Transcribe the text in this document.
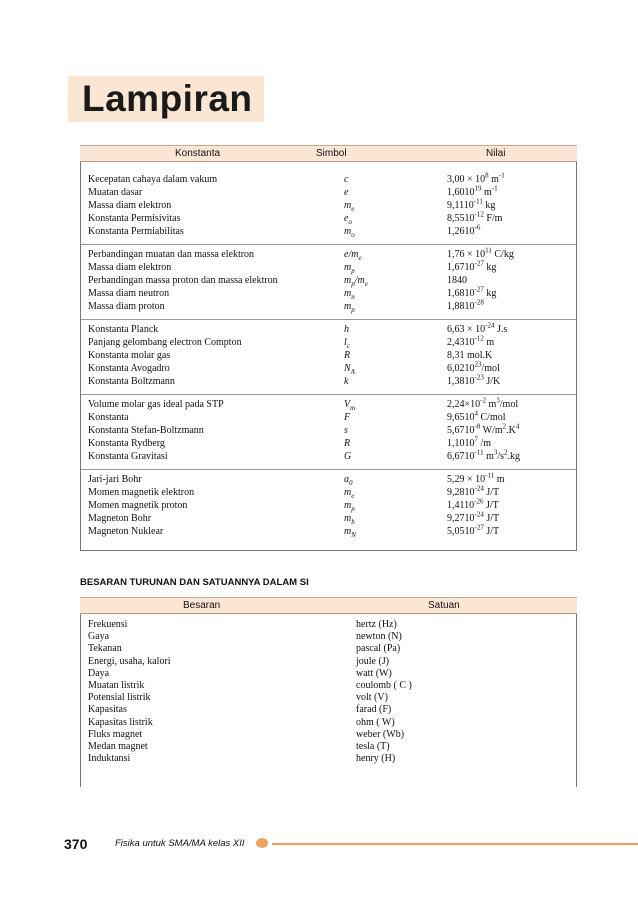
Lampiran
Konstanta	Simbol	Nilai
Kecepatan cahaya dalam vakum	c	$3,00 \times 10^8$ $m^{-1}$
Muatan dasar	e	1,6010$^{19}$ $m^{-1}$
Massa diam elektron	$m_e$	$9,1110^{-11}$ kg
Konstanta Permisivitas	$e_o$	$8,5510^{-12}$ F/m
Konstanta Permiabilitas	$m_o$	$1,2610^{-6}$
Perbandingan muatan dan massa elektron	$e/m_e$	$1,76 \times 10^{11}$ C/kg
Massa diam elektron	$m_p$	$1,6710^{-27}$ kg
Perbandingan massa proton dan massa elektron	$m_p/m_e$	1840
Massa diam neutron	$m_n$	$1,6810^{-27}$ kg
Massa diam proton	$m_p$	$1,8810^{-28}$
Konstanta Planck	h	$6,63 \times 10^{-24}$ J.s
Panjang gelombang electron Compton	$l_c$	$2,4310^{-12}$ m
Konstanta molar gas	R	8,31 mol.K
Konstanta Avogadro	$N_A$	6,0210$^{23}$/mol
Konstanta Boltzmann	k	$1,3810^{-23}$ J/K
Volume molar gas ideal pada STP	$V_m$	$2,24\times 10^{-2}$ $m^3$/mol
Konstanta	F	9,6510$^4$ C/mol
Konstanta Stefan-Boltzmann	s	$5,6710^{-8}$ $W/m^2.K^4$
Konstanta Rydberg	R	1,1010$^7$ /m
Konstanta Gravitasi	G	$6,6710^{-11}$ $m^3/s^2.kg$
Jari-jari Bohr	$a_0$	$5,29 \times 10^{-11}$ m
Momen magnetik elektron	$m_e$	$9,2810^{-24}$ J/T
Momen magnetik proton	$m_p$	$1,4110^{-26}$ J/T
Magneton Bohr	$m_b$	$9,2710^{-24}$ J/T
Magneton Nuklear	$m_N$	$5,0510^{-27}$ J/T
BESARAN TURUNAN DAN SATUANNYA DALAM SI
Besaran	Satuan
Frekuensi	hertz (Hz)
Gaya	newton (N)
Tekanan	pascal (Pa)
Energi, usaha, kalori	joule (J)
Daya	watt (W)
Muatan listrik	coulomb ( C )
Potensial listrik	volt (V)
Kapasitas	farad (F)
Kapasitas listrik	ohm ( W)
Fluks magnet	weber (Wb)
Medan magnet	tesla (T)
Induktansi	henry (H)
370	Fisika untuk SMA/MA kelas XII
